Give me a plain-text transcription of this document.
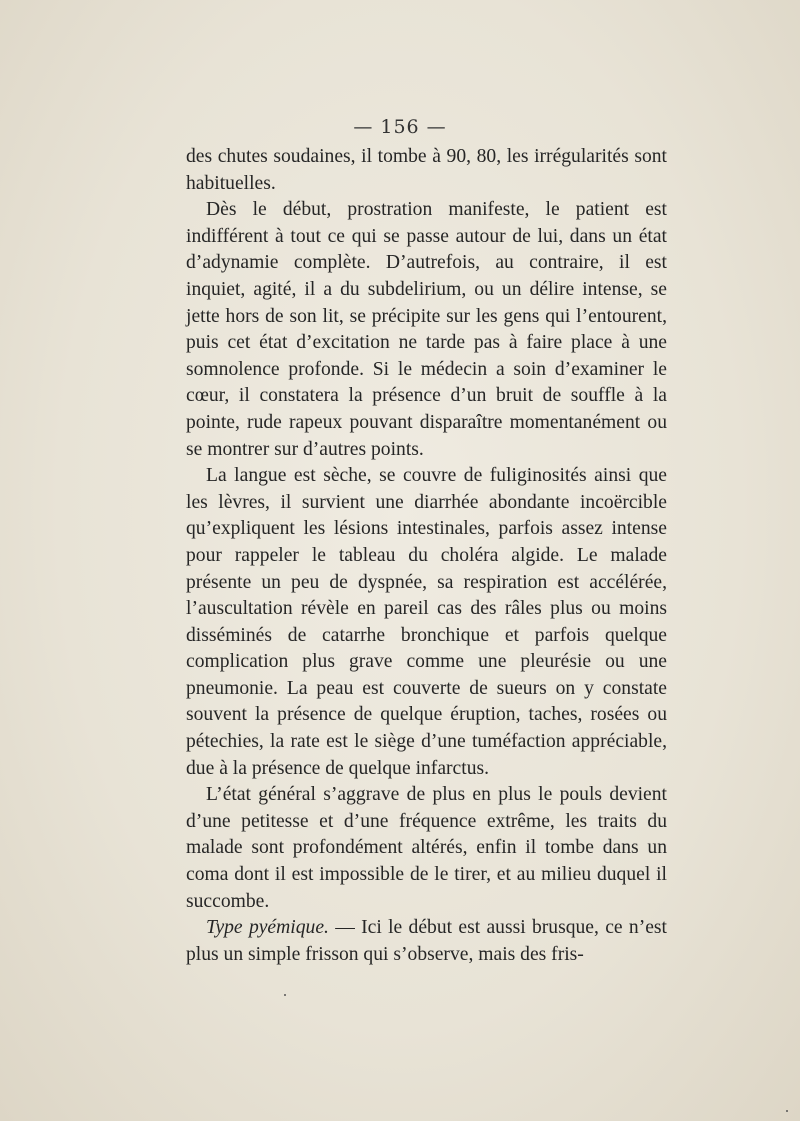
— 156 —

des chutes soudaines, il tombe à 90, 80, les irrégularités sont habituelles.

Dès le début, prostration manifeste, le patient est indifférent à tout ce qui se passe autour de lui, dans un état d’adynamie complète. D’autrefois, au contraire, il est inquiet, agité, il a du subdelirium, ou un délire intense, se jette hors de son lit, se précipite sur les gens qui l’entourent, puis cet état d’excitation ne tarde pas à faire place à une somnolence profonde. Si le médecin a soin d’examiner le cœur, il constatera la présence d’un bruit de souffle à la pointe, rude rapeux pouvant disparaître momentanément ou se montrer sur d’autres points.

La langue est sèche, se couvre de fuliginosités ainsi que les lèvres, il survient une diarrhée abondante incoërcible qu’expliquent les lésions intestinales, parfois assez intense pour rappeler le tableau du choléra algide. Le malade présente un peu de dyspnée, sa respiration est accélérée, l’auscultation révèle en pareil cas des râles plus ou moins disséminés de catarrhe bronchique et parfois quelque complication plus grave comme une pleurésie ou une pneumonie. La peau est couverte de sueurs on y constate souvent la présence de quelque éruption, taches, rosées ou pétechies, la rate est le siège d’une tuméfaction appréciable, due à la présence de quelque infarctus.

L’état général s’aggrave de plus en plus le pouls devient d’une petitesse et d’une fréquence extrême, les traits du malade sont profondément altérés, enfin il tombe dans un coma dont il est impossible de le tirer, et au milieu duquel il succombe.

Type pyémique. — Ici le début est aussi brusque, ce n’est plus un simple frisson qui s’observe, mais des fris-
